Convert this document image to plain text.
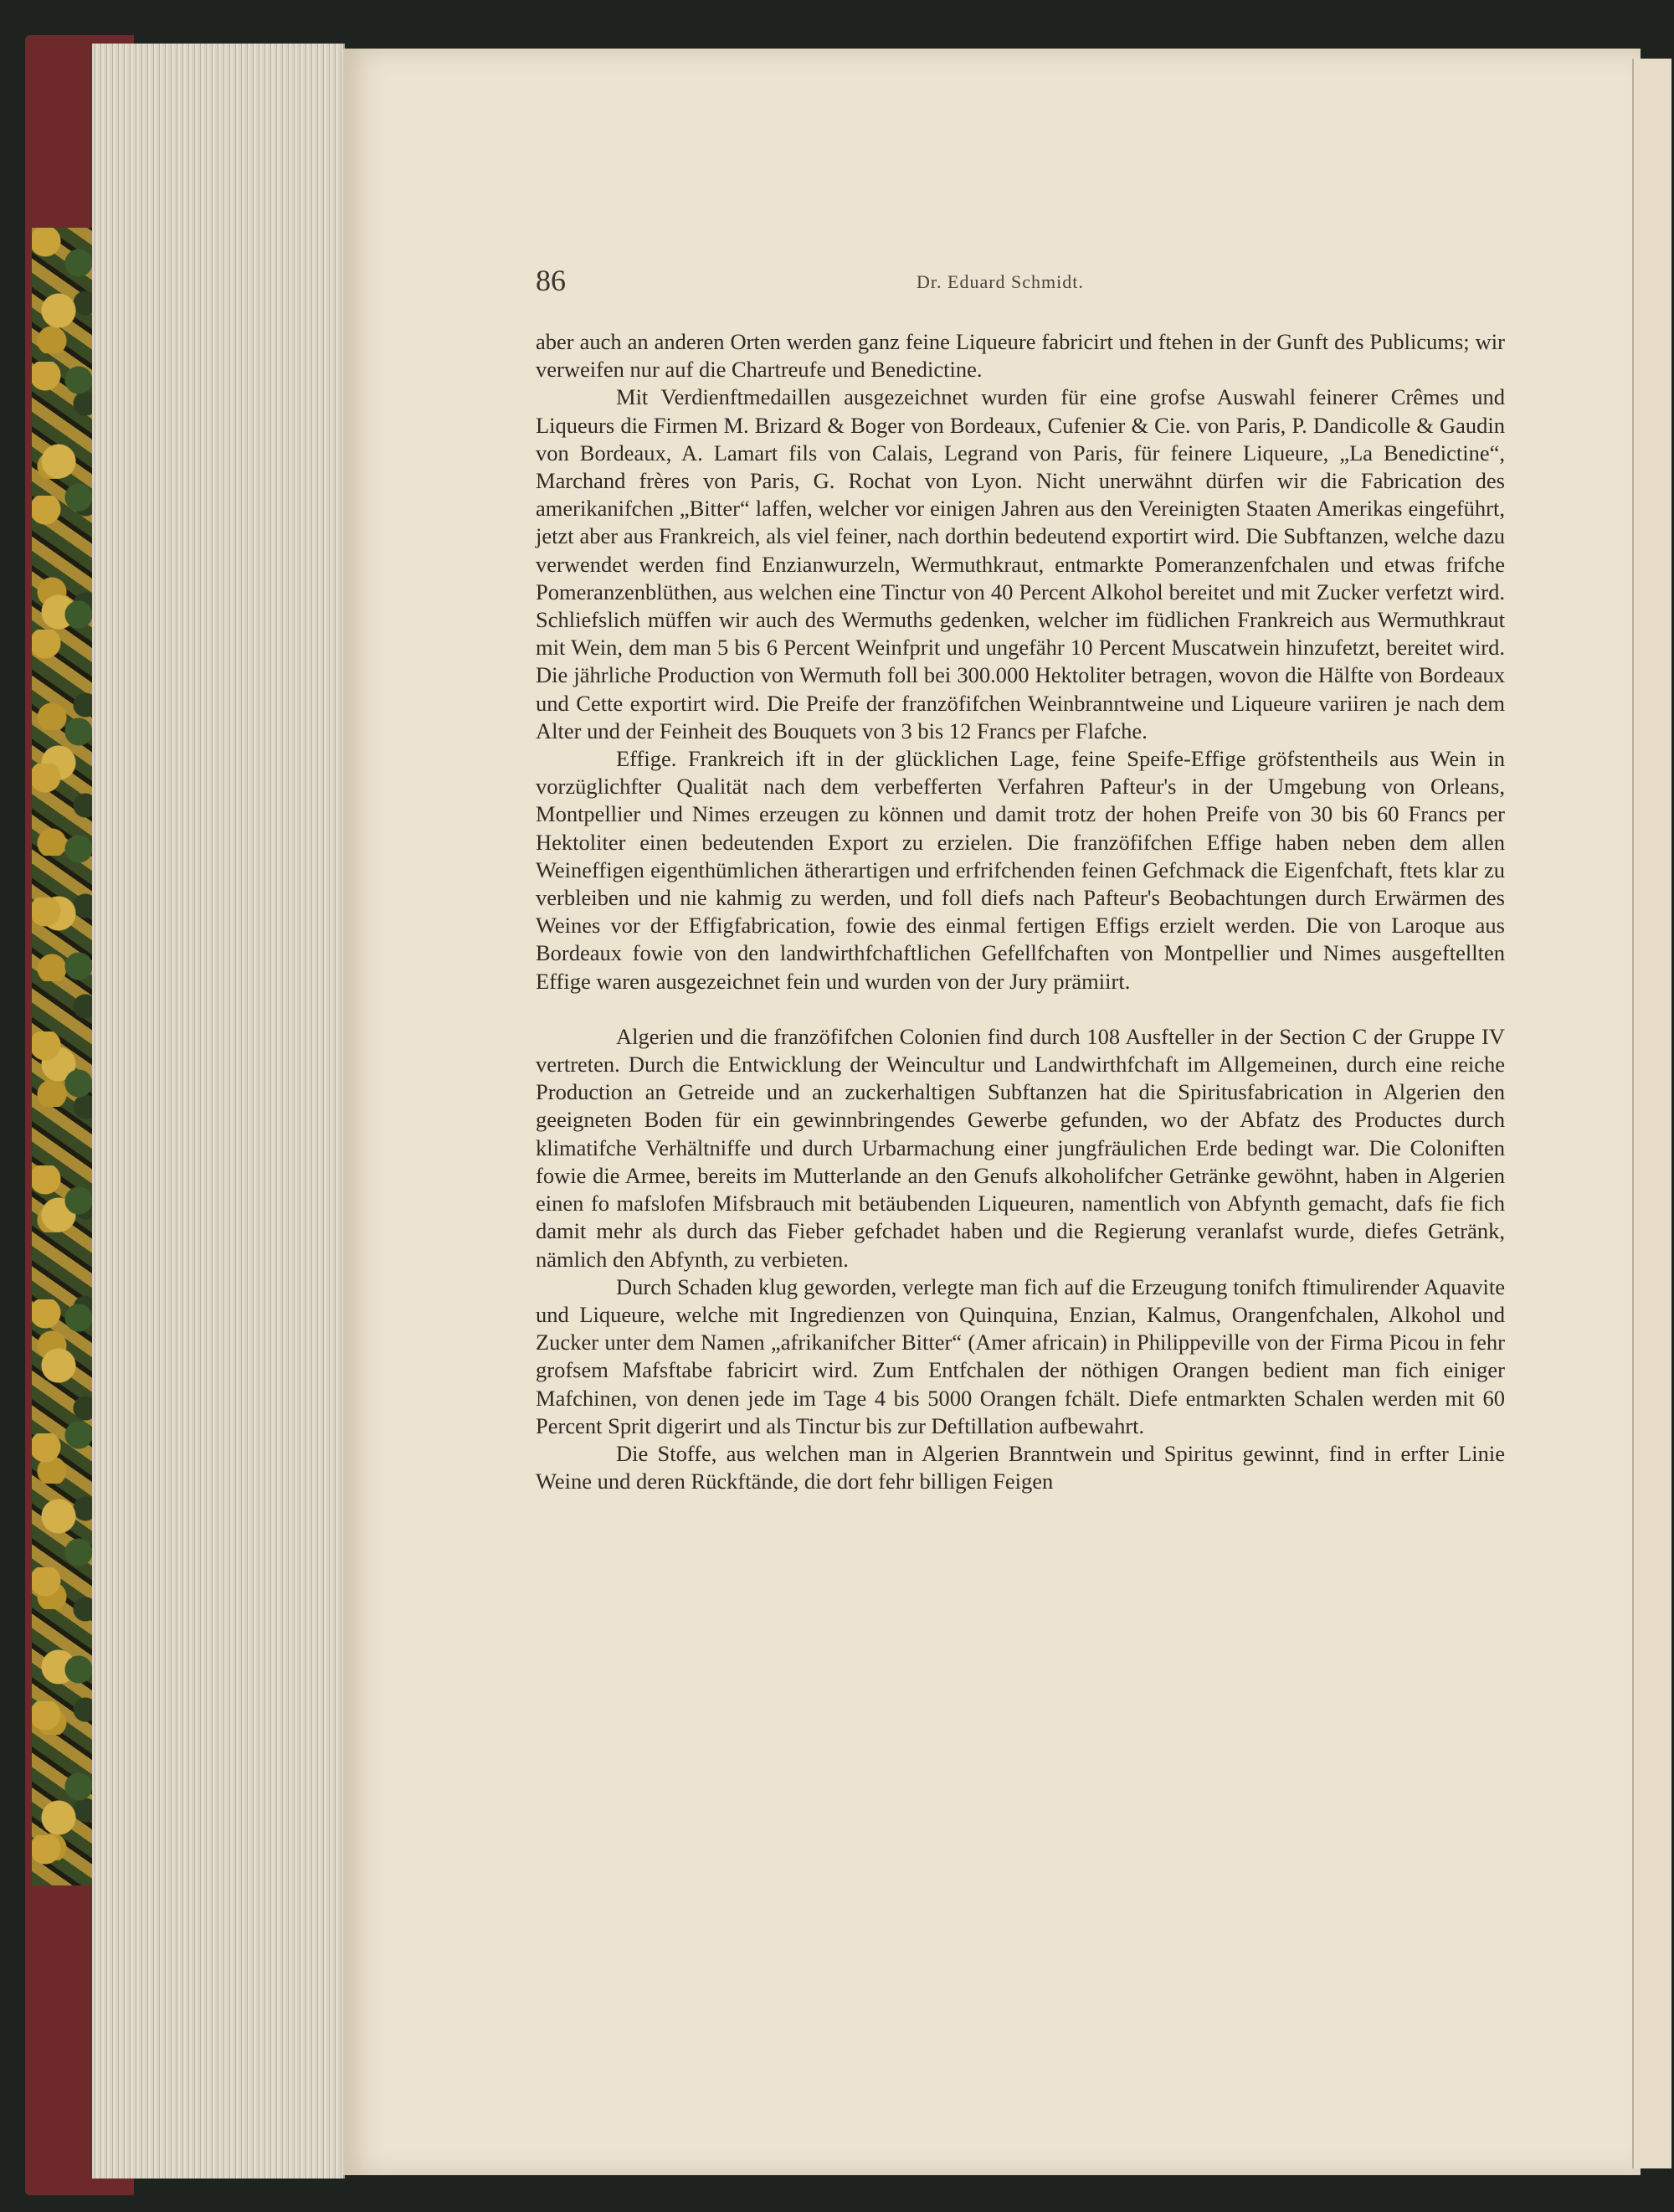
86	Dr. Eduard Schmidt.

aber auch an anderen Orten werden ganz feine Liqueure fabricirt und ftehen in der Gunft des Publicums; wir verweifen nur auf die Chartreufe und Benedictine.

Mit Verdienftmedaillen ausgezeichnet wurden für eine grofse Auswahl feinerer Crêmes und Liqueurs die Firmen M. Brizard & Boger von Bordeaux, Cufenier & Cie. von Paris, P. Dandicolle & Gaudin von Bordeaux, A. Lamart fils von Calais, Legrand von Paris, für feinere Liqueure, „La Benedictine“, Marchand frères von Paris, G. Rochat von Lyon. Nicht unerwähnt dürfen wir die Fabrication des amerikanifchen „Bitter“ laffen, welcher vor einigen Jahren aus den Vereinigten Staaten Amerikas eingeführt, jetzt aber aus Frankreich, als viel feiner, nach dorthin bedeutend exportirt wird. Die Subftanzen, welche dazu verwendet werden find Enzianwurzeln, Wermuthkraut, entmarkte Pomeranzenfchalen und etwas frifche Pomeranzenblüthen, aus welchen eine Tinctur von 40 Percent Alkohol bereitet und mit Zucker verfetzt wird. Schliefslich müffen wir auch des Wermuths gedenken, welcher im füdlichen Frankreich aus Wermuthkraut mit Wein, dem man 5 bis 6 Percent Weinfprit und ungefähr 10 Percent Muscatwein hinzufetzt, bereitet wird. Die jährliche Production von Wermuth foll bei 300.000 Hektoliter betragen, wovon die Hälfte von Bordeaux und Cette exportirt wird. Die Preife der franzöfifchen Weinbranntweine und Liqueure variiren je nach dem Alter und der Feinheit des Bouquets von 3 bis 12 Francs per Flafche.

Effige. Frankreich ift in der glücklichen Lage, feine Speife-Effige gröfstentheils aus Wein in vorzüglichfter Qualität nach dem verbefferten Verfahren Pafteur's in der Umgebung von Orleans, Montpellier und Nimes erzeugen zu können und damit trotz der hohen Preife von 30 bis 60 Francs per Hektoliter einen bedeutenden Export zu erzielen. Die franzöfifchen Effige haben neben dem allen Weineffigen eigenthümlichen ätherartigen und erfrifchenden feinen Gefchmack die Eigenfchaft, ftets klar zu verbleiben und nie kahmig zu werden, und foll diefs nach Pafteur's Beobachtungen durch Erwärmen des Weines vor der Effigfabrication, fowie des einmal fertigen Effigs erzielt werden. Die von Laroque aus Bordeaux fowie von den landwirthfchaftlichen Gefellfchaften von Montpellier und Nimes ausgeftellten Effige waren ausgezeichnet fein und wurden von der Jury prämiirt.

Algerien und die franzöfifchen Colonien find durch 108 Ausfteller in der Section C der Gruppe IV vertreten. Durch die Entwicklung der Weincultur und Landwirthfchaft im Allgemeinen, durch eine reiche Production an Getreide und an zuckerhaltigen Subftanzen hat die Spiritusfabrication in Algerien den geeigneten Boden für ein gewinnbringendes Gewerbe gefunden, wo der Abfatz des Productes durch klimatifche Verhältniffe und durch Urbarmachung einer jungfräulichen Erde bedingt war. Die Coloniften fowie die Armee, bereits im Mutterlande an den Genufs alkoholifcher Getränke gewöhnt, haben in Algerien einen fo mafslofen Mifsbrauch mit betäubenden Liqueuren, namentlich von Abfynth gemacht, dafs fie fich damit mehr als durch das Fieber gefchadet haben und die Regierung veranlafst wurde, diefes Getränk, nämlich den Abfynth, zu verbieten.

Durch Schaden klug geworden, verlegte man fich auf die Erzeugung tonifch ftimulirender Aquavite und Liqueure, welche mit Ingredienzen von Quinquina, Enzian, Kalmus, Orangenfchalen, Alkohol und Zucker unter dem Namen „afrikanifcher Bitter“ (Amer africain) in Philippeville von der Firma Picou in fehr grofsem Mafsftabe fabricirt wird. Zum Entfchalen der nöthigen Orangen bedient man fich einiger Mafchinen, von denen jede im Tage 4 bis 5000 Orangen fchält. Diefe entmarkten Schalen werden mit 60 Percent Sprit digerirt und als Tinctur bis zur Deftillation aufbewahrt.

Die Stoffe, aus welchen man in Algerien Branntwein und Spiritus gewinnt, find in erfter Linie Weine und deren Rückftände, die dort fehr billigen Feigen
